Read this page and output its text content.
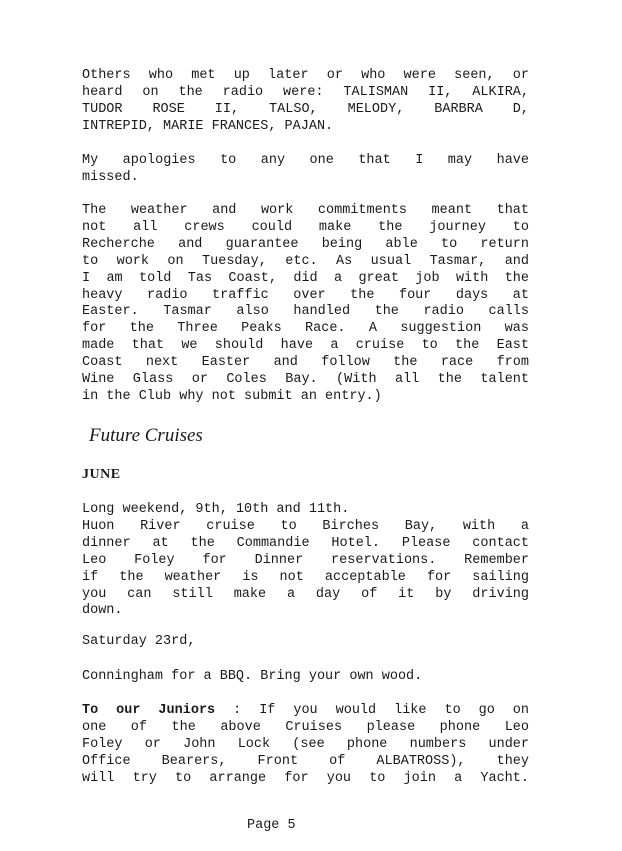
Others who met up later or who were seen, or
heard on the radio were: TALISMAN II, ALKIRA,
TUDOR ROSE II, TALSO, MELODY, BARBRA D,
INTREPID, MARIE FRANCES, PAJAN.
My apologies to any one that I may have
missed.
The weather and work commitments meant that
not all crews could make the journey to
Recherche and guarantee being able to return
to work on Tuesday, etc. As usual Tasmar, and
I am told Tas Coast, did a great job with the
heavy radio traffic over the four days at
Easter. Tasmar also handled the radio calls
for the Three Peaks Race. A suggestion was
made that we should have a cruise to the East
Coast next Easter and follow the race from
Wine Glass or Coles Bay. (With all the talent
in the Club why not submit an entry.)
Future Cruises
JUNE
Long weekend, 9th, 10th and 11th.
Huon River cruise to Birches Bay, with a
dinner at the Commandie Hotel. Please contact
Leo Foley for Dinner reservations. Remember
if the weather is not acceptable for sailing
you can still make a day of it by driving
down.
Saturday 23rd,
Conningham for a BBQ. Bring your own wood.
To our Juniors : If you would like to go on
one of the above Cruises please phone Leo
Foley or John Lock (see phone numbers under
Office Bearers, Front of ALBATROSS), they
will try to arrange for you to join a Yacht.
Page 5
